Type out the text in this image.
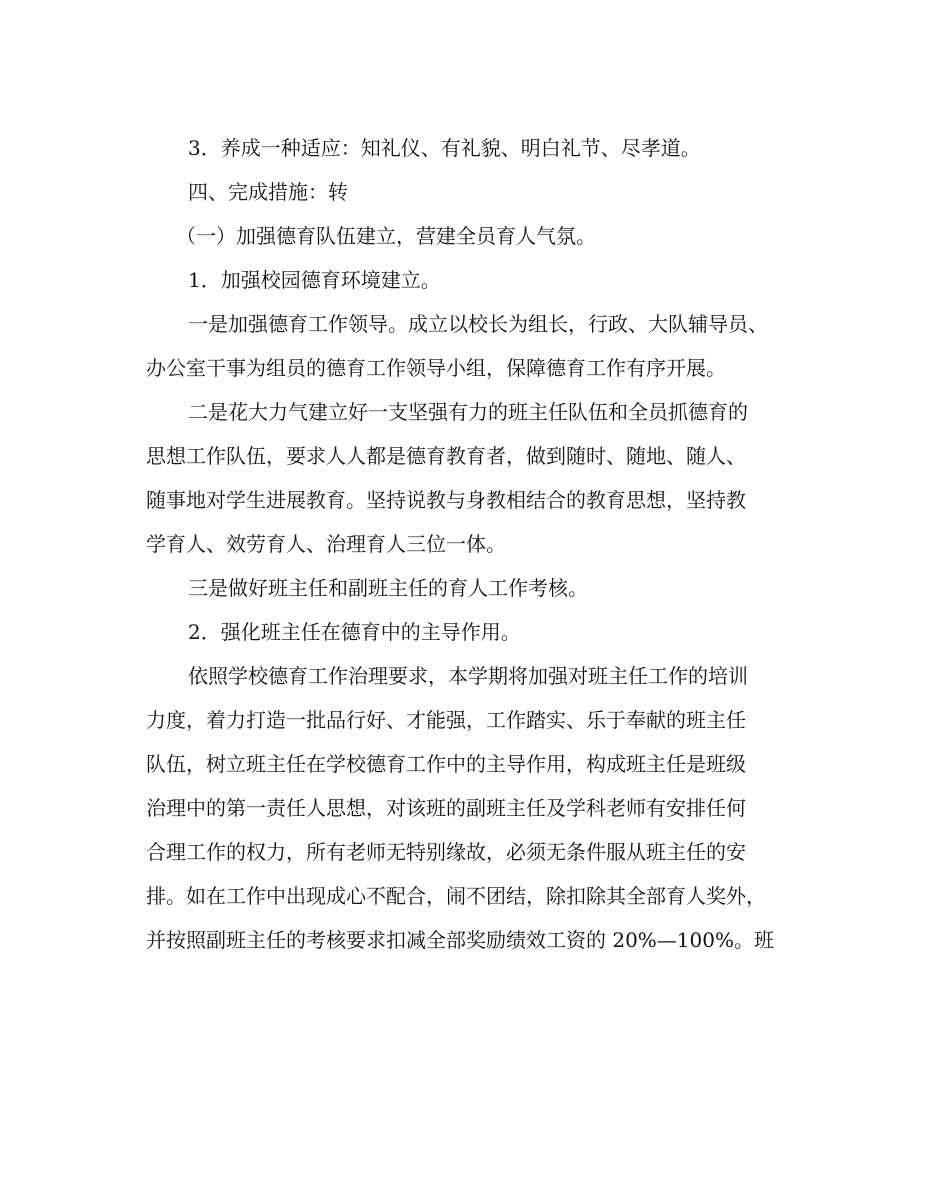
3．养成一种适应：知礼仪、有礼貌、明白礼节、尽孝道。

四、完成措施：转

（一）加强德育队伍建立，营建全员育人气氛。

1．加强校园德育环境建立。

一是加强德育工作领导。成立以校长为组长，行政、大队辅导员、

办公室干事为组员的德育工作领导小组，保障德育工作有序开展。

二是花大力气建立好一支坚强有力的班主任队伍和全员抓德育的

思想工作队伍，要求人人都是德育教育者，做到随时、随地、随人、

随事地对学生进展教育。坚持说教与身教相结合的教育思想，坚持教

学育人、效劳育人、治理育人三位一体。

三是做好班主任和副班主任的育人工作考核。

2．强化班主任在德育中的主导作用。

依照学校德育工作治理要求，本学期将加强对班主任工作的培训

力度，着力打造一批品行好、才能强，工作踏实、乐于奉献的班主任

队伍，树立班主任在学校德育工作中的主导作用，构成班主任是班级

治理中的第一责任人思想，对该班的副班主任及学科老师有安排任何

合理工作的权力，所有老师无特别缘故，必须无条件服从班主任的安

排。如在工作中出现成心不配合，闹不团结，除扣除其全部育人奖外，

并按照副班主任的考核要求扣减全部奖励绩效工资的 20%—100%。班
